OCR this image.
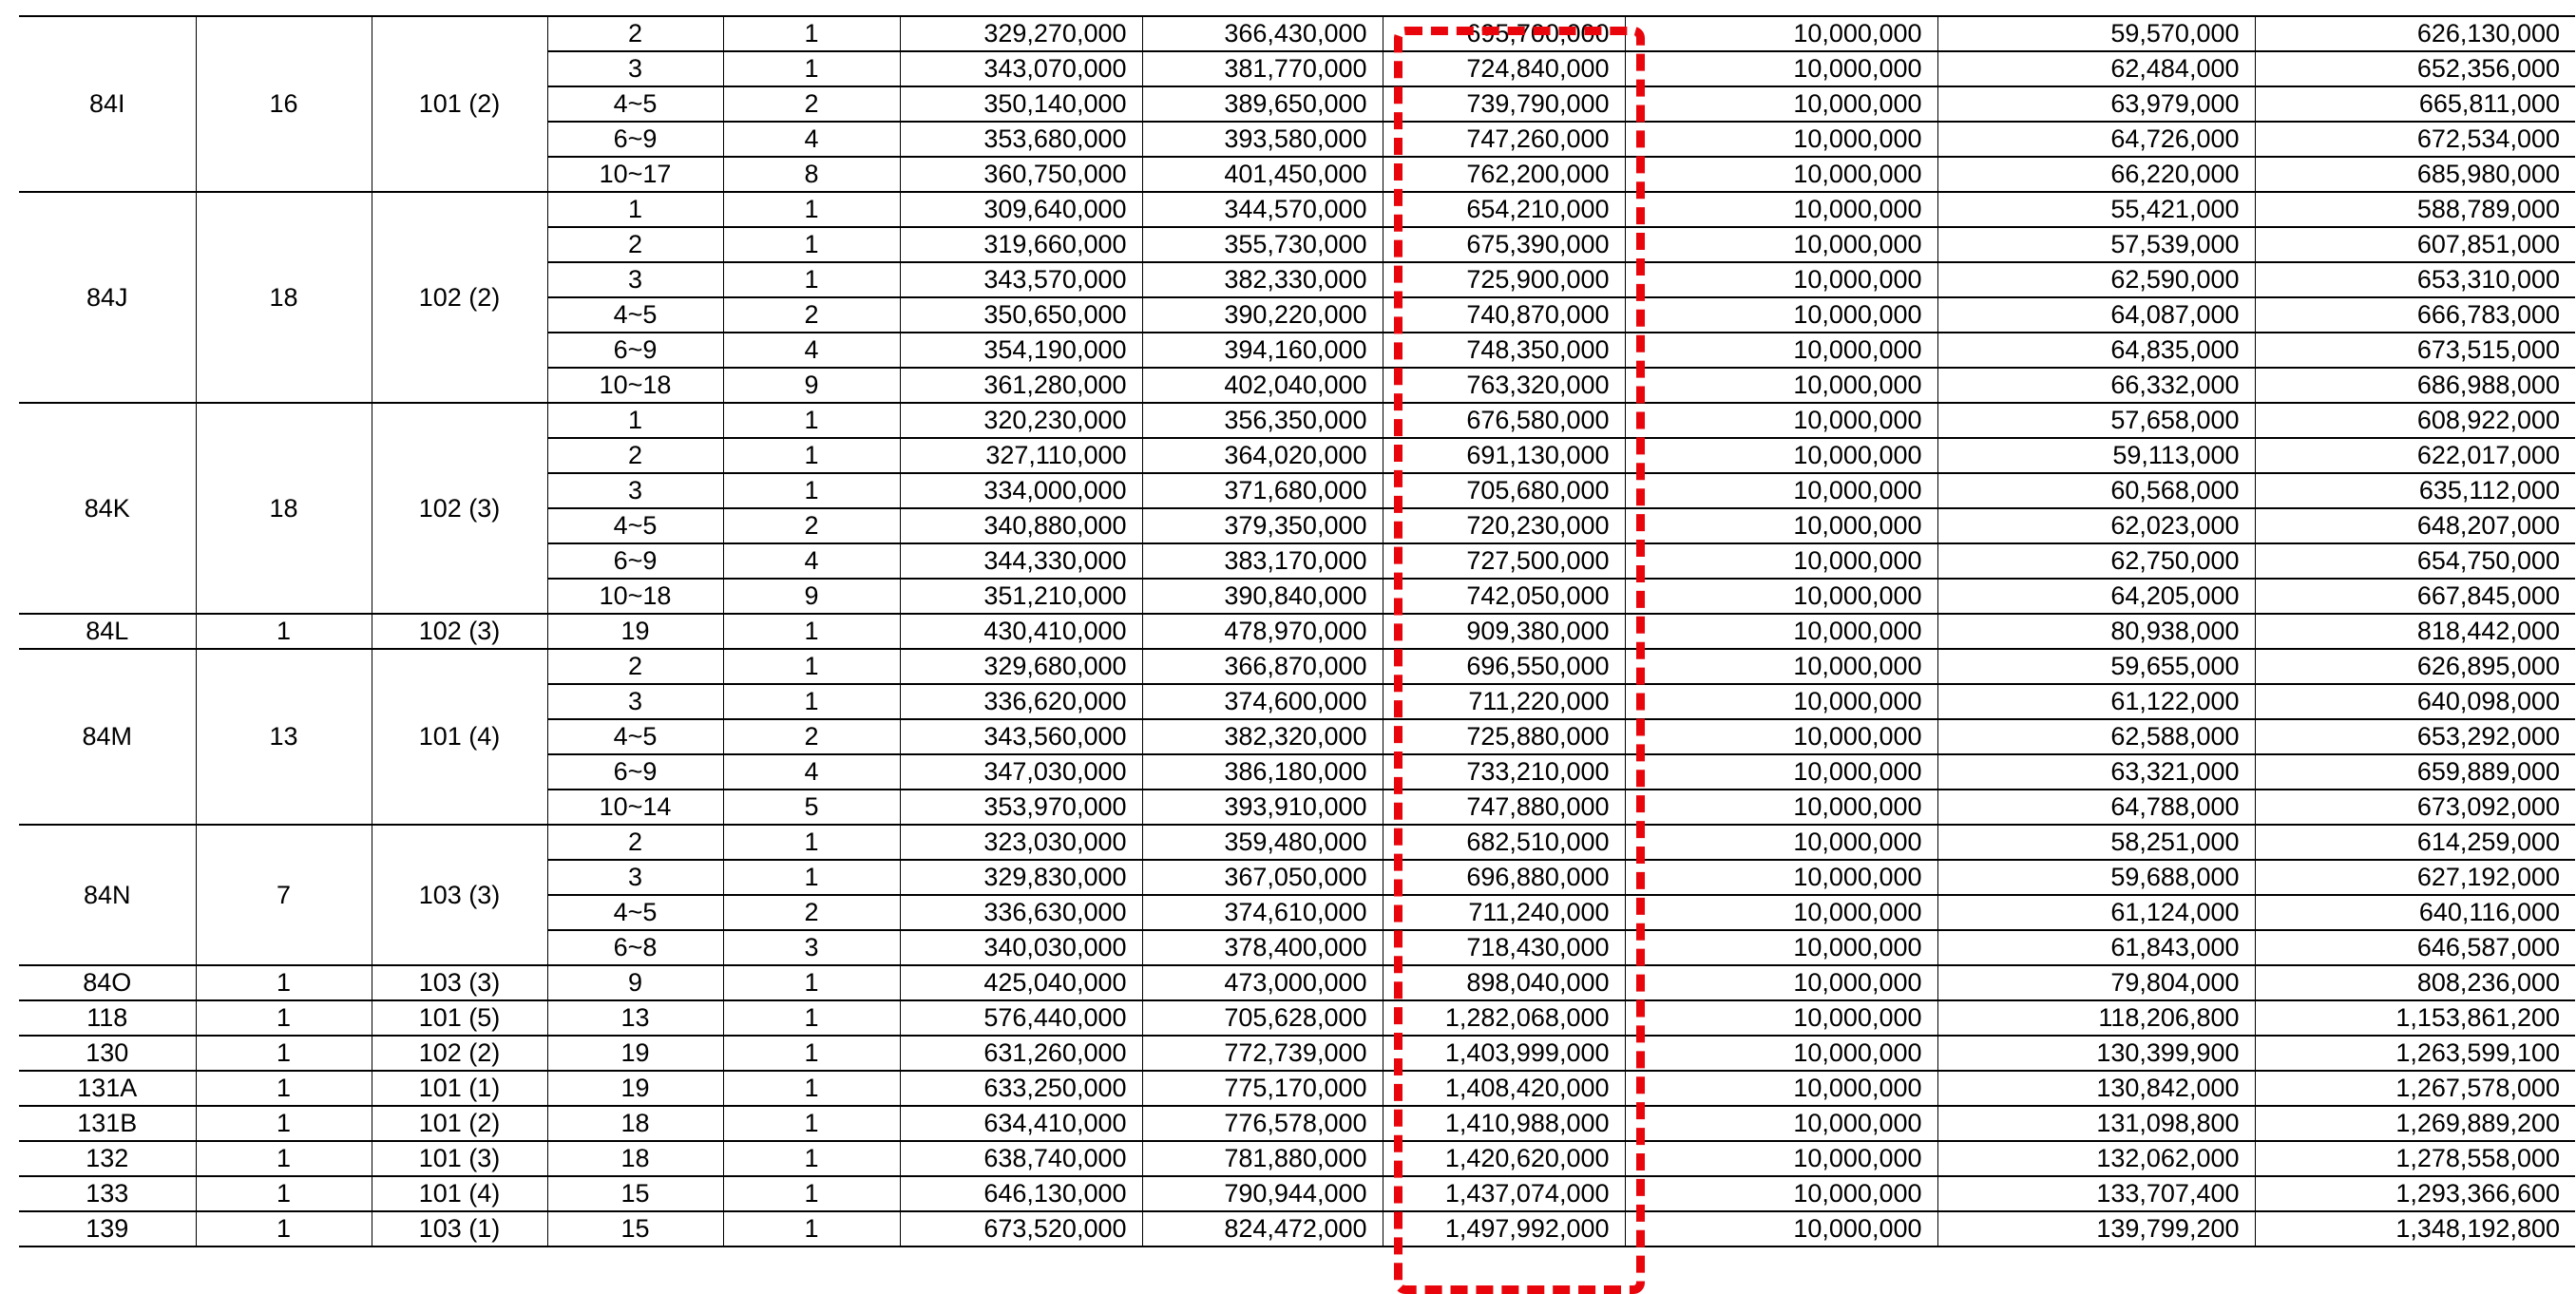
84I	16	101 (2)	2	1	329,270,000	366,430,000	695,700,000	10,000,000	59,570,000	626,130,000
			3	1	343,070,000	381,770,000	724,840,000	10,000,000	62,484,000	652,356,000
			4~5	2	350,140,000	389,650,000	739,790,000	10,000,000	63,979,000	665,811,000
			6~9	4	353,680,000	393,580,000	747,260,000	10,000,000	64,726,000	672,534,000
			10~17	8	360,750,000	401,450,000	762,200,000	10,000,000	66,220,000	685,980,000
84J	18	102 (2)	1	1	309,640,000	344,570,000	654,210,000	10,000,000	55,421,000	588,789,000
			2	1	319,660,000	355,730,000	675,390,000	10,000,000	57,539,000	607,851,000
			3	1	343,570,000	382,330,000	725,900,000	10,000,000	62,590,000	653,310,000
			4~5	2	350,650,000	390,220,000	740,870,000	10,000,000	64,087,000	666,783,000
			6~9	4	354,190,000	394,160,000	748,350,000	10,000,000	64,835,000	673,515,000
			10~18	9	361,280,000	402,040,000	763,320,000	10,000,000	66,332,000	686,988,000
84K	18	102 (3)	1	1	320,230,000	356,350,000	676,580,000	10,000,000	57,658,000	608,922,000
			2	1	327,110,000	364,020,000	691,130,000	10,000,000	59,113,000	622,017,000
			3	1	334,000,000	371,680,000	705,680,000	10,000,000	60,568,000	635,112,000
			4~5	2	340,880,000	379,350,000	720,230,000	10,000,000	62,023,000	648,207,000
			6~9	4	344,330,000	383,170,000	727,500,000	10,000,000	62,750,000	654,750,000
			10~18	9	351,210,000	390,840,000	742,050,000	10,000,000	64,205,000	667,845,000
84L	1	102 (3)	19	1	430,410,000	478,970,000	909,380,000	10,000,000	80,938,000	818,442,000
84M	13	101 (4)	2	1	329,680,000	366,870,000	696,550,000	10,000,000	59,655,000	626,895,000
			3	1	336,620,000	374,600,000	711,220,000	10,000,000	61,122,000	640,098,000
			4~5	2	343,560,000	382,320,000	725,880,000	10,000,000	62,588,000	653,292,000
			6~9	4	347,030,000	386,180,000	733,210,000	10,000,000	63,321,000	659,889,000
			10~14	5	353,970,000	393,910,000	747,880,000	10,000,000	64,788,000	673,092,000
84N	7	103 (3)	2	1	323,030,000	359,480,000	682,510,000	10,000,000	58,251,000	614,259,000
			3	1	329,830,000	367,050,000	696,880,000	10,000,000	59,688,000	627,192,000
			4~5	2	336,630,000	374,610,000	711,240,000	10,000,000	61,124,000	640,116,000
			6~8	3	340,030,000	378,400,000	718,430,000	10,000,000	61,843,000	646,587,000
84O	1	103 (3)	9	1	425,040,000	473,000,000	898,040,000	10,000,000	79,804,000	808,236,000
118	1	101 (5)	13	1	576,440,000	705,628,000	1,282,068,000	10,000,000	118,206,800	1,153,861,200
130	1	102 (2)	19	1	631,260,000	772,739,000	1,403,999,000	10,000,000	130,399,900	1,263,599,100
131A	1	101 (1)	19	1	633,250,000	775,170,000	1,408,420,000	10,000,000	130,842,000	1,267,578,000
131B	1	101 (2)	18	1	634,410,000	776,578,000	1,410,988,000	10,000,000	131,098,800	1,269,889,200
132	1	101 (3)	18	1	638,740,000	781,880,000	1,420,620,000	10,000,000	132,062,000	1,278,558,000
133	1	101 (4)	15	1	646,130,000	790,944,000	1,437,074,000	10,000,000	133,707,400	1,293,366,600
139	1	103 (1)	15	1	673,520,000	824,472,000	1,497,992,000	10,000,000	139,799,200	1,348,192,800
